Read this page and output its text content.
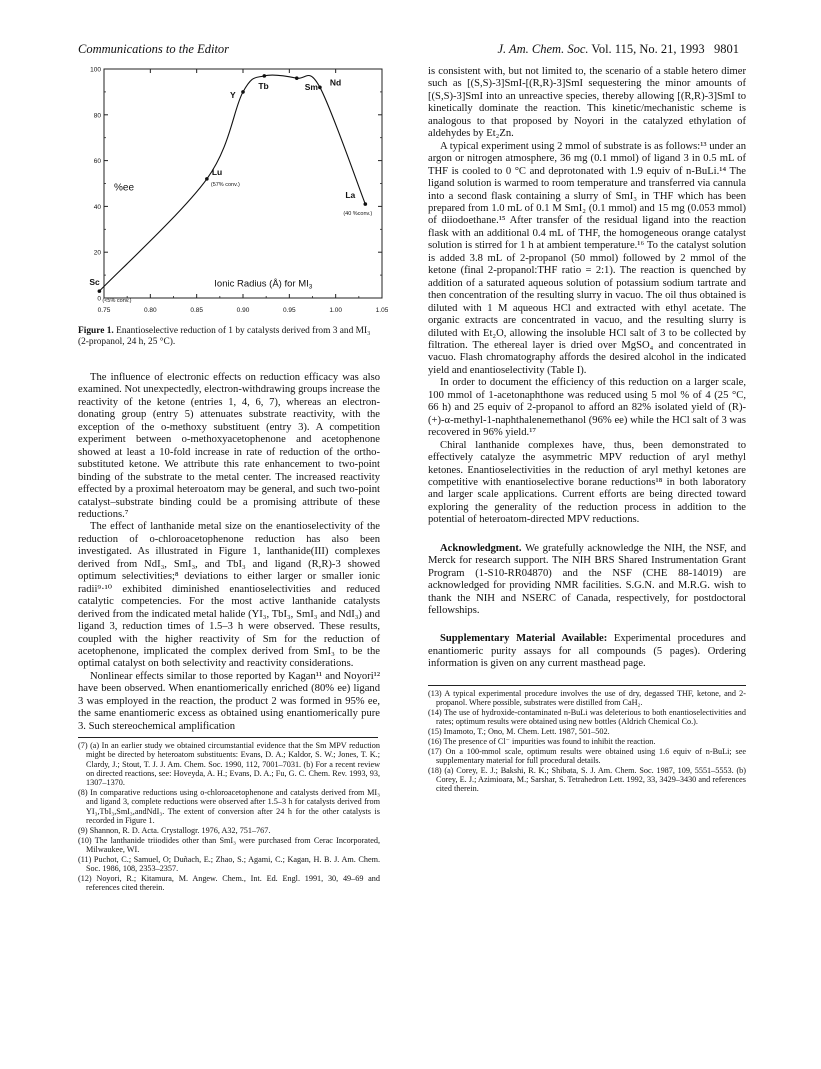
Communications to the Editor	J. Am. Chem. Soc. Vol. 115, No. 21, 1993 9801
0.75	0.80	0.85	0.90	0.95	1.00	1.05
0
20
40
60
80
100
%ee
Ionic Radius (Å) for $MI_3$
Sc
(<5% conv.)
Lu
(57% conv.)
Y
Tb	Sm Nd
La
(40 %conv.)
Figure 1. Enantioselective reduction of 1 by catalysts derived from 3 and MI₃ (2-propanol, 24 h, 25 °C).

The influence of electronic effects on reduction efficacy was also examined. Not unexpectedly, electron-withdrawing groups increase the reactivity of the ketone (entries 1, 4, 6, 7), whereas an electron-donating group (entry 5) attenuates substrate reactivity, with the exception of the o-methoxy substituent (entry 3). A competition experiment between o-methoxyacetophenone and acetophenone showed at least a 10-fold increase in rate of reduction of the ortho-substituted ketone. We attribute this rate enhancement to two-point binding of the substrate to the metal center. The increased reactivity effected by a proximal heteroatom may be general, and such two-point catalyst–substrate binding could be a promising attribute of these reductions.⁷

The effect of lanthanide metal size on the enantioselectivity of the reduction of o-chloroacetophenone reduction has also been investigated. As illustrated in Figure 1, lanthanide(III) complexes derived from NdI₃, SmI₃, and TbI₃ and ligand (R,R)-3 showed optimum selectivities;⁸ deviations to either larger or smaller ionic radii⁹·¹⁰ exhibited diminished enantioselectivities and reduced catalytic competencies. For the most active lanthanide catalysts derived from the indicated metal halide (YI₃, TbI₃, SmI₃ and NdI₃) and ligand 3, reduction times of 1.5–3 h were observed. These results, coupled with the higher reactivity of Sm for the reduction of acetophenone, implicated the complex derived from SmI₃ to be the optimal catalyst on both selectivity and reactivity considerations.

Nonlinear effects similar to those reported by Kagan¹¹ and Noyori¹² have been observed. When enantiomerically enriched (80% ee) ligand 3 was employed in the reaction, the product 2 was formed in 95% ee, the same enantiomeric excess as obtained using enantiomerically pure 3. Such stereochemical amplification

(7) (a) In an earlier study we obtained circumstantial evidence that the Sm MPV reduction might be directed by heteroatom substituents: Evans, D. A.; Kaldor, S. W.; Jones, T. K.; Clardy, J.; Stout, T. J. J. Am. Chem. Soc. 1990, 112, 7001–7031. (b) For a recent review on directed reactions, see: Hoveyda, A. H.; Evans, D. A.; Fu, G. C. Chem. Rev. 1993, 93, 1307–1370.

(8) In comparative reductions using o-chloroacetophenone and catalysts derived from MI₃ and ligand 3, complete reductions were observed after 1.5–3 h for catalysts derived from YI₃,TbI₃,SmI₃,andNdI₃. The extent of conversion after 24 h for the other catalysts is recorded in Figure 1.

(9) Shannon, R. D. Acta. Crystallogr. 1976, A32, 751–767.

(10) The lanthanide triiodides other than SmI₃ were purchased from Cerac Incorporated, Milwaukee, WI.

(11) Puchot, C.; Samuel, O; Duñach, E.; Zhao, S.; Agami, C.; Kagan, H. B. J. Am. Chem. Soc. 1986, 108, 2353–2357.

(12) Noyori, R.; Kitamura, M. Angew. Chem., Int. Ed. Engl. 1991, 30, 49–69 and references cited therein.

is consistent with, but not limited to, the scenario of a stable hetero dimer such as [(S,S)-3]SmI-[(R,R)-3]SmI sequestering the minor amounts of [(S,S)-3]SmI into an unreactive species, thereby allowing [(R,R)-3]SmI to kinetically dominate the reaction. This kinetic/mechanistic scheme is analogous to that proposed by Noyori in the catalyzed ethylation of aldehydes by Et₂Zn.

A typical experiment using 2 mmol of substrate is as follows:¹³ under an argon or nitrogen atmosphere, 36 mg (0.1 mmol) of ligand 3 in 0.5 mL of THF is cooled to 0 °C and deprotonated with 1.9 equiv of n-BuLi.¹⁴ The ligand solution is warmed to room temperature and transferred via cannula into a second flask containing a slurry of SmI₃ in THF which has been prepared from 1.0 mL of 0.1 M SmI₂ (0.1 mmol) and 15 mg (0.053 mmol) of diiodoethane.¹⁵ After transfer of the residual ligand into the reaction flask with an additional 0.4 mL of THF, the homogeneous orange catalyst solution is stirred for 1 h at ambient temperature.¹⁶ To the catalyst solution is added 3.8 mL of 2-propanol (50 mmol) followed by 2 mmol of the ketone (final 2-propanol:THF ratio = 2:1). The reaction is quenched by addition of a saturated aqueous solution of potassium sodium tartrate and then concentration of the resulting slurry in vacuo. The oil thus obtained is diluted with 1 M aqueous HCl and extracted with ethyl acetate. The organic extracts are concentrated in vacuo, and the resulting slurry is diluted with Et₂O, allowing the insoluble HCl salt of 3 to be collected by filtration. The ethereal layer is dried over MgSO₄ and concentrated in vacuo. Flash chromatography affords the desired alcohol in the indicated yield and enantioselectivity (Table I).

In order to document the efficiency of this reduction on a larger scale, 100 mmol of 1-acetonaphthone was reduced using 5 mol % of 4 (25 °C, 66 h) and 25 equiv of 2-propanol to afford an 82% isolated yield of (R)-(+)-α-methyl-1-naphthalenemethanol (96% ee) while the HCl salt of 3 was recovered in 96% yield.¹⁷

Chiral lanthanide complexes have, thus, been demonstrated to effectively catalyze the asymmetric MPV reduction of aryl methyl ketones. Enantioselectivities in the reduction of aryl methyl ketones are competitive with enantioselective borane reductions¹⁸ in both laboratory and larger scale applications. Current efforts are being directed toward exploring the generality of the reduction process in addition to the potential of heteroatom-directed MPV reductions.

Acknowledgment. We gratefully acknowledge the NIH, the NSF, and Merck for research support. The NIH BRS Shared Instrumentation Grant Program (1-S10-RR04870) and the NSF (CHE 88-14019) are acknowledged for providing NMR facilities. S.G.N. and M.R.G. wish to thank the NIH and NSERC of Canada, respectively, for postdoctoral fellowships.

Supplementary Material Available: Experimental procedures and enantiomeric purity assays for all compounds (5 pages). Ordering information is given on any current masthead page.

(13) A typical experimental procedure involves the use of dry, degassed THF, ketone, and 2-propanol. Where possible, substrates were distilled from CaH₂.

(14) The use of hydroxide-contaminated n-BuLi was deleterious to both enantioselectivities and rates; optimum results were obtained using new bottles (Aldrich Chemical Co.).

(15) Imamoto, T.; Ono, M. Chem. Lett. 1987, 501–502.

(16) The presence of Cl⁻ impurities was found to inhibit the reaction.

(17) On a 100-mmol scale, optimum results were obtained using 1.6 equiv of n-BuLi; see supplementary material for full procedural details.

(18) (a) Corey, E. J.; Bakshi, R. K.; Shibata, S. J. Am. Chem. Soc. 1987, 109, 5551–5553. (b) Corey, E. J.; Azimioara, M.; Sarshar, S. Tetrahedron Lett. 1992, 33, 3429–3430 and references cited therein.
